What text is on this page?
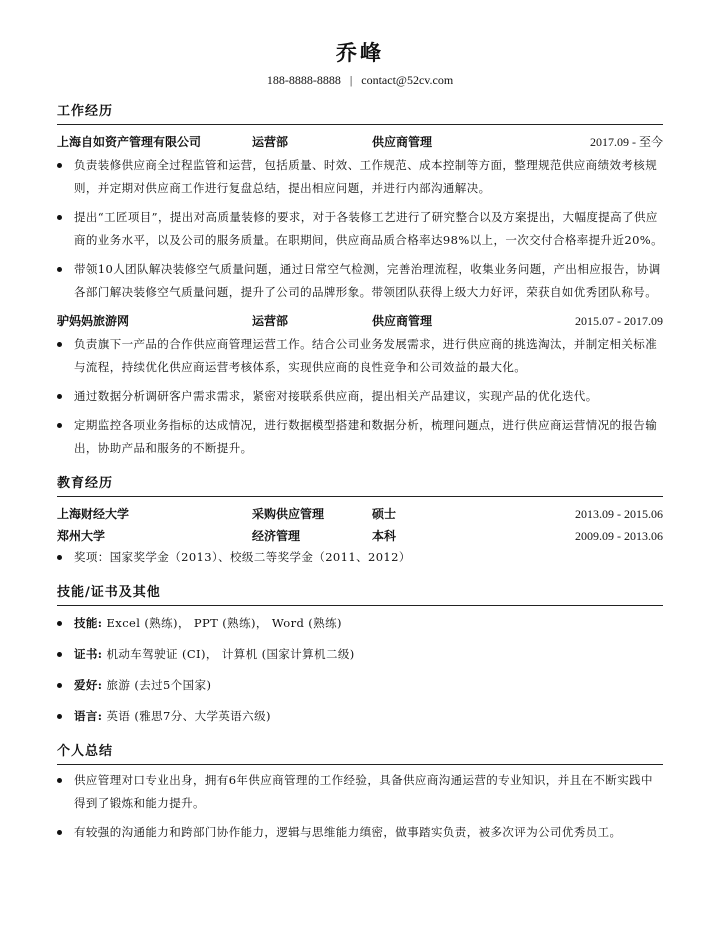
乔峰
188-8888-8888 | contact@52cv.com
工作经历
上海自如资产管理有限公司	运营部	供应商管理	2017.09 - 至今
负责装修供应商全过程监管和运营，包括质量、时效、工作规范、成本控制等方面，整理规范供应商绩效考核规则，并定期对供应商工作进行复盘总结，提出相应问题，并进行内部沟通解决。
提出“工匠项目”，提出对高质量装修的要求，对于各装修工艺进行了研究整合以及方案提出，大幅度提高了供应商的业务水平，以及公司的服务质量。在职期间，供应商品质合格率达98%以上，一次交付合格率提升近20%。
带领10人团队解决装修空气质量问题，通过日常空气检测，完善治理流程，收集业务问题，产出相应报告，协调各部门解决装修空气质量问题，提升了公司的品牌形象。带领团队获得上级大力好评，荣获自如优秀团队称号。
驴妈妈旅游网	运营部	供应商管理	2015.07 - 2017.09
负责旗下一产品的合作供应商管理运营工作。结合公司业务发展需求，进行供应商的挑选淘汰，并制定相关标准与流程，持续优化供应商运营考核体系，实现供应商的良性竞争和公司效益的最大化。
通过数据分析调研客户需求需求，紧密对接联系供应商，提出相关产品建议，实现产品的优化迭代。
定期监控各项业务指标的达成情况，进行数据模型搭建和数据分析，梳理问题点，进行供应商运营情况的报告输出，协助产品和服务的不断提升。
教育经历
上海财经大学	采购供应管理	硕士	2013.09 - 2015.06
郑州大学	经济管理	本科	2009.09 - 2013.06
奖项：国家奖学金（2013）、校级二等奖学金（2011、2012）
技能/证书及其他
技能: Excel (熟练)， PPT (熟练)， Word (熟练)
证书: 机动车驾驶证 (CI)， 计算机 (国家计算机二级)
爱好: 旅游 (去过5个国家)
语言: 英语 (雅思7分、大学英语六级)
个人总结
供应管理对口专业出身，拥有6年供应商管理的工作经验，具备供应商沟通运营的专业知识，并且在不断实践中得到了锻炼和能力提升。
有较强的沟通能力和跨部门协作能力，逻辑与思维能力缜密，做事踏实负责，被多次评为公司优秀员工。
